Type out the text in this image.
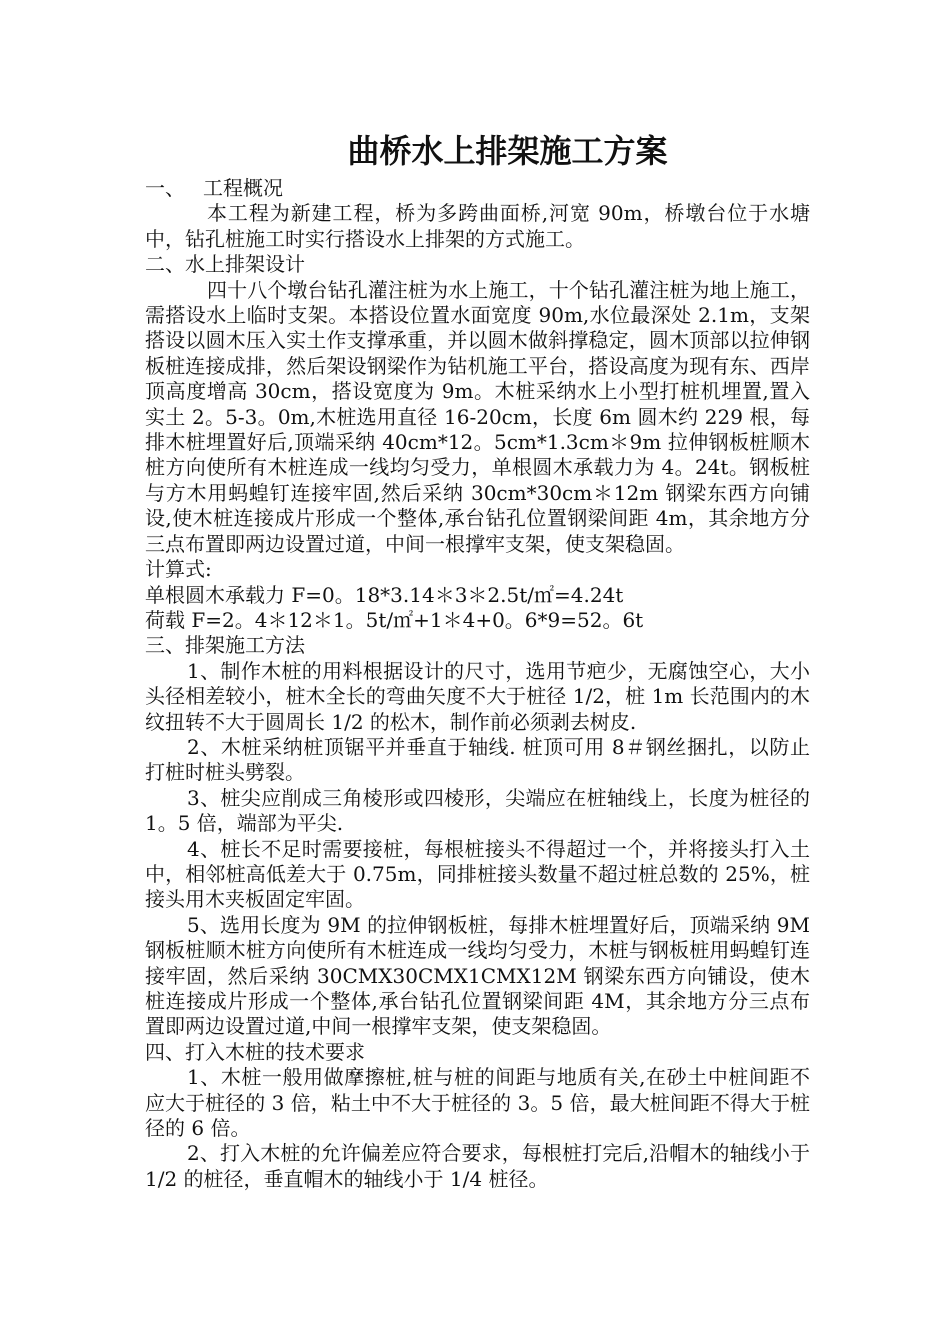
曲桥水上排架施工方案
一、 工程概况

本工程为新建工程，桥为多跨曲面桥,河宽 90m，桥墩台位于水塘中，钻孔桩施工时实行搭设水上排架的方式施工。

二、水上排架设计

四十八个墩台钻孔灌注桩为水上施工，十个钻孔灌注桩为地上施工，需搭设水上临时支架。本搭设位置水面宽度 90m,水位最深处 2.1m，支架搭设以圆木压入实土作支撑承重，并以圆木做斜撑稳定，圆木顶部以拉伸钢板桩连接成排，然后架设钢梁作为钻机施工平台，搭设高度为现有东、西岸顶高度增高 30cm，搭设宽度为 9m。木桩采纳水上小型打桩机埋置,置入实土 2。5-3。0m,木桩选用直径 16-20cm，长度 6m 圆木约 229 根，每排木桩埋置好后,顶端采纳 40cm*12。5cm*1.3cm＊9m 拉伸钢板桩顺木桩方向使所有木桩连成一线均匀受力，单根圆木承载力为 4。24t。钢板桩与方木用蚂蝗钉连接牢固,然后采纳 30cm*30cm＊12m 钢梁东西方向铺设,使木桩连接成片形成一个整体,承台钻孔位置钢梁间距 4m，其余地方分三点布置即两边设置过道，中间一根撑牢支架，使支架稳固。

计算式:
单根圆木承载力 F=0。18*3.14＊3＊2.5t/㎡=4.24t
荷载 F=2。4＊12＊1。5t/㎡+1＊4+0。6*9=52。6t
三、排架施工方法

1、制作木桩的用料根据设计的尺寸，选用节疤少，无腐蚀空心，大小头径相差较小，桩木全长的弯曲矢度不大于桩径 1/2，桩 1m 长范围内的木纹扭转不大于圆周长 1/2 的松木，制作前必须剥去树皮.

2、木桩采纳桩顶锯平并垂直于轴线. 桩顶可用 8＃钢丝捆扎，以防止打桩时桩头劈裂。

3、桩尖应削成三角棱形或四棱形，尖端应在桩轴线上，长度为桩径的 1。5 倍，端部为平尖.

4、桩长不足时需要接桩，每根桩接头不得超过一个，并将接头打入土中，相邻桩高低差大于 0.75m，同排桩接头数量不超过桩总数的 25%，桩接头用木夹板固定牢固。

5、选用长度为 9M 的拉伸钢板桩，每排木桩埋置好后，顶端采纳 9M 钢板桩顺木桩方向使所有木桩连成一线均匀受力，木桩与钢板桩用蚂蝗钉连接牢固，然后采纳 30CMX30CMX1CMX12M 钢梁东西方向铺设，使木桩连接成片形成一个整体,承台钻孔位置钢梁间距 4M，其余地方分三点布置即两边设置过道,中间一根撑牢支架，使支架稳固。

四、打入木桩的技术要求

1、木桩一般用做摩擦桩,桩与桩的间距与地质有关,在砂土中桩间距不应大于桩径的 3 倍，粘土中不大于桩径的 3。5 倍，最大桩间距不得大于桩径的 6 倍。

2、打入木桩的允许偏差应符合要求，每根桩打完后,沿帽木的轴线小于 1/2 的桩径，垂直帽木的轴线小于 1/4 桩径。
